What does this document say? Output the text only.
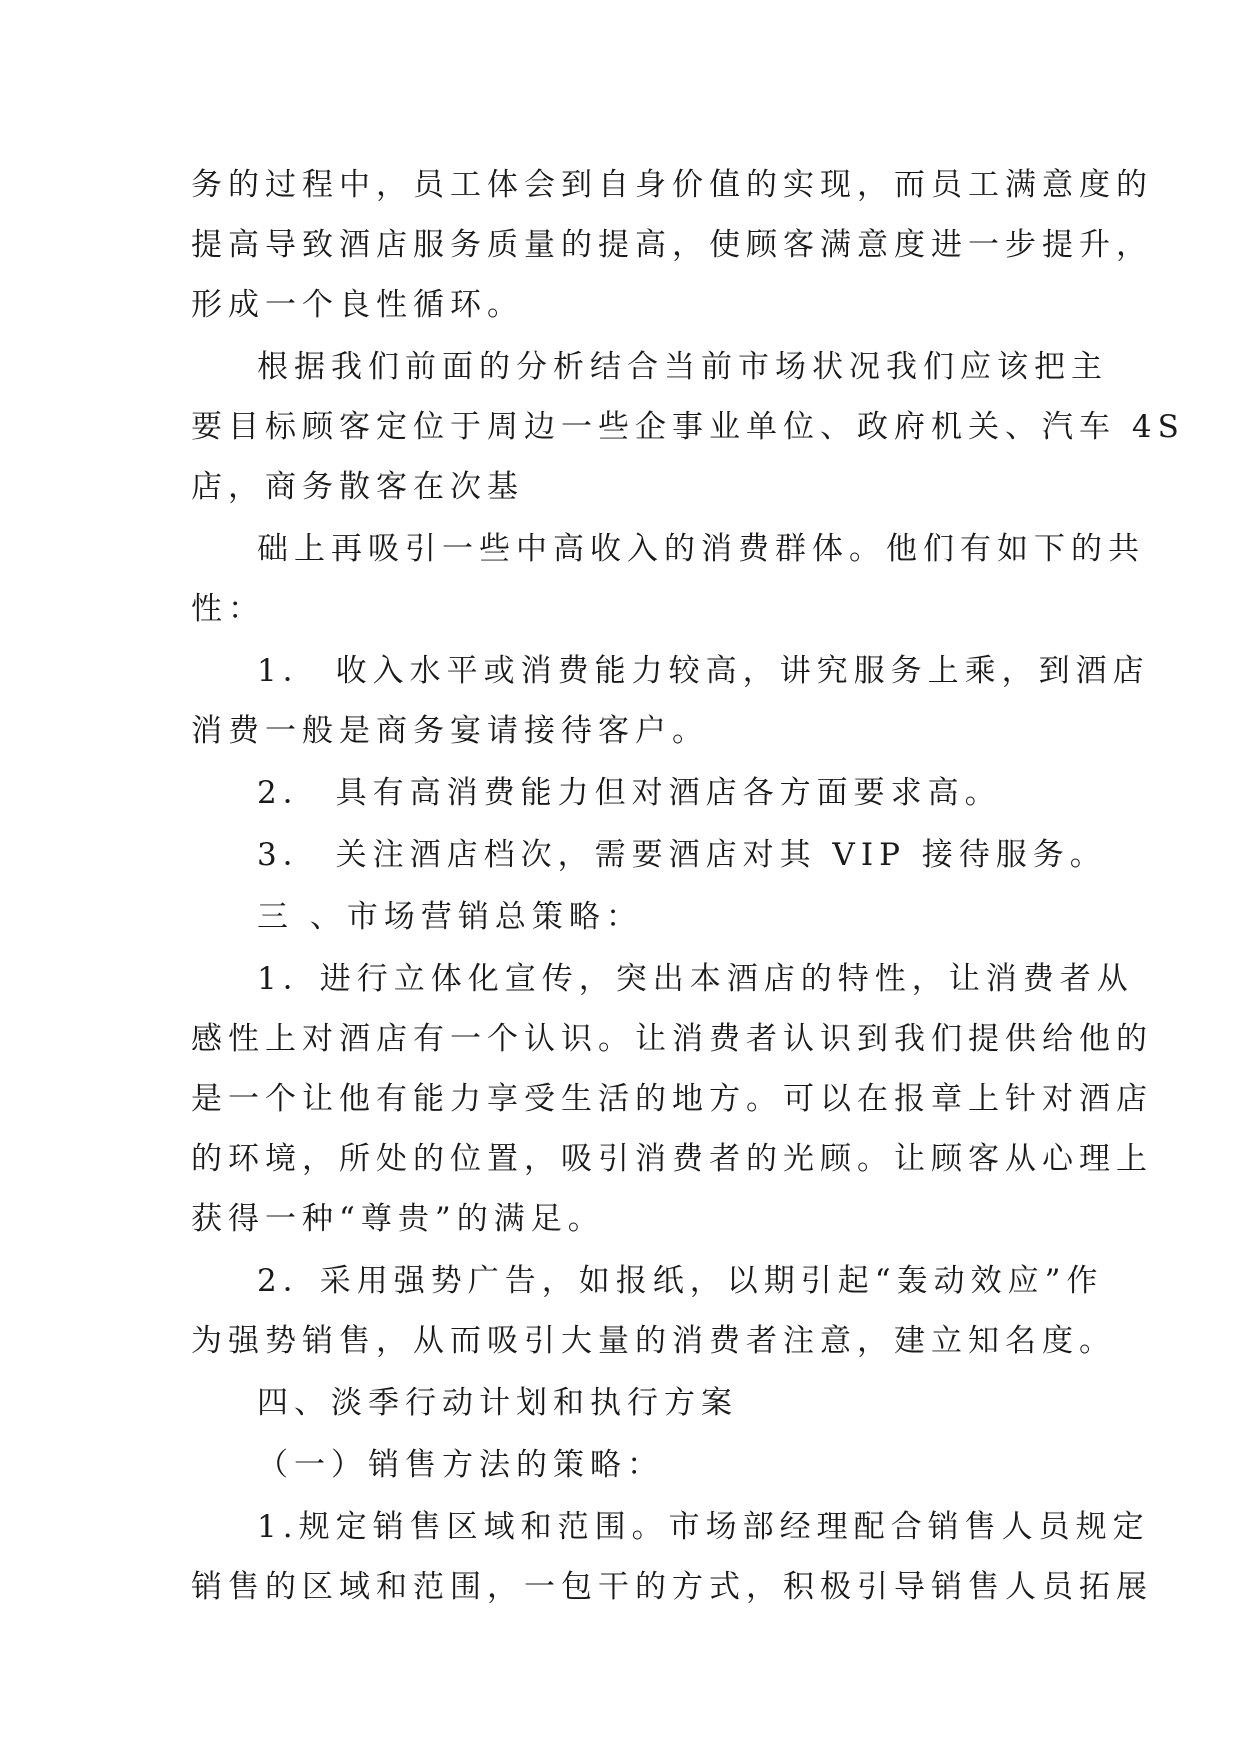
务的过程中，员工体会到自身价值的实现，而员工满意度的
提高导致酒店服务质量的提高，使顾客满意度进一步提升，
形成一个良性循环。
根据我们前面的分析结合当前市场状况我们应该把主
要目标顾客定位于周边一些企事业单位、政府机关、汽车 4S
店，商务散客在次基
础上再吸引一些中高收入的消费群体。他们有如下的共
性：
1． 收入水平或消费能力较高，讲究服务上乘，到酒店
消费一般是商务宴请接待客户。
2． 具有高消费能力但对酒店各方面要求高。
3． 关注酒店档次，需要酒店对其 VIP 接待服务。
三 、市场营销总策略：
1．进行立体化宣传，突出本酒店的特性，让消费者从
感性上对酒店有一个认识。让消费者认识到我们提供给他的
是一个让他有能力享受生活的地方。可以在报章上针对酒店
的环境，所处的位置，吸引消费者的光顾。让顾客从心理上
获得一种“尊贵”的满足。
2．采用强势广告，如报纸，以期引起“轰动效应”作
为强势销售，从而吸引大量的消费者注意，建立知名度。
四、淡季行动计划和执行方案
（一）销售方法的策略：
1.规定销售区域和范围。市场部经理配合销售人员规定
销售的区域和范围，一包干的方式，积极引导销售人员拓展
